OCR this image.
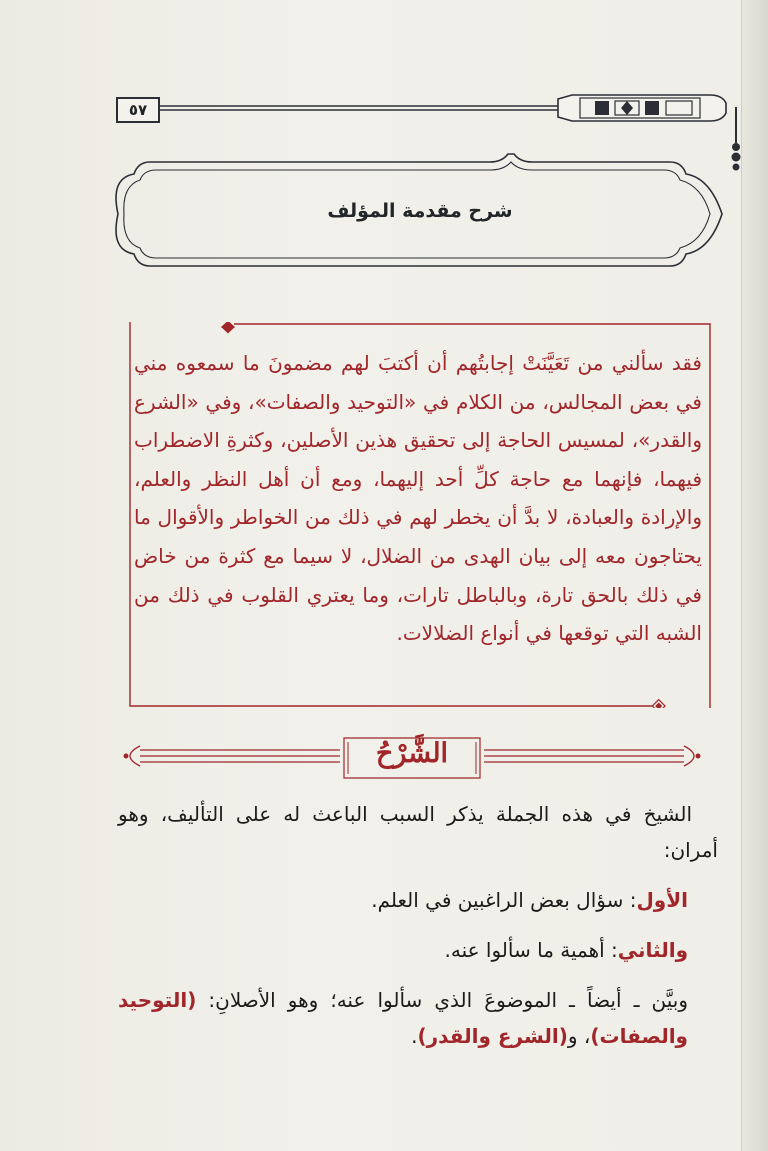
٥٧
شرح مقدمة المؤلف
فقد سألني من تَعَيَّنَتْ إجابتُهم أن أكتبَ لهم مضمونَ ما سمعوه مني في بعض المجالس، من الكلام في «التوحيد والصفات»، وفي «الشرع والقدر»، لمسيس الحاجة إلى تحقيق هذين الأصلين، وكثرةِ الاضطراب فيهما، فإنهما مع حاجة كلِّ أحد إليهما، ومع أن أهل النظر والعلم، والإرادة والعبادة، لا بدَّ أن يخطر لهم في ذلك من الخواطر والأقوال ما يحتاجون معه إلى بيان الهدى من الضلال، لا سيما مع كثرة من خاض في ذلك بالحق تارة، وبالباطل تارات، وما يعتري القلوب في ذلك من الشبه التي توقعها في أنواع الضلالات.
الشَّرْحُ

الشيخ في هذه الجملة يذكر السبب الباعث له على التأليف، وهو أمران:

الأول: سؤال بعض الراغبين في العلم.

والثاني: أهمية ما سألوا عنه.

وبيَّن ـ أيضاً ـ الموضوعَ الذي سألوا عنه؛ وهو الأصلانِ: (التوحيد والصفات)، و(الشرع والقدر).
